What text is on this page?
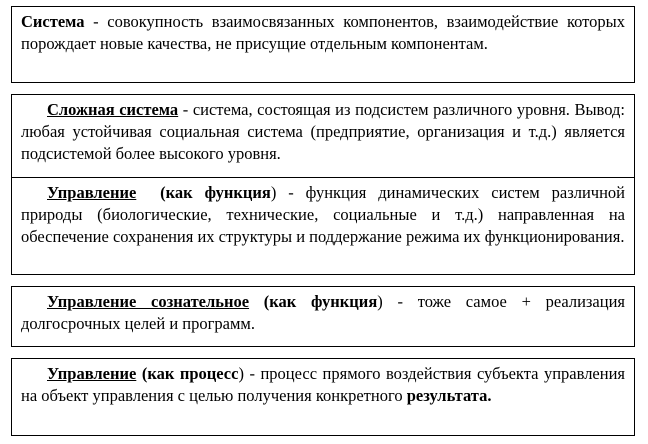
Система - совокупность взаимосвязанных компонентов, взаимодействие которых порождает новые качества, не присущие отдельным компонентам.

Сложная система - система, состоящая из подсистем различного уровня. Вывод: любая устойчивая социальная система (предприятие, организация и т.д.) является подсистемой более высокого уровня.

Управление (как функция) - функция динамических систем различной природы (биологические, технические, социальные и т.д.) направленная на обеспечение сохранения их структуры и поддержание режима их функционирования.

Управление сознательное (как функция) - тоже самое + реализация долгосрочных целей и программ.

Управление (как процесс) - процесс прямого воздействия субъекта управления на объект управления с целью получения конкретного результата.
